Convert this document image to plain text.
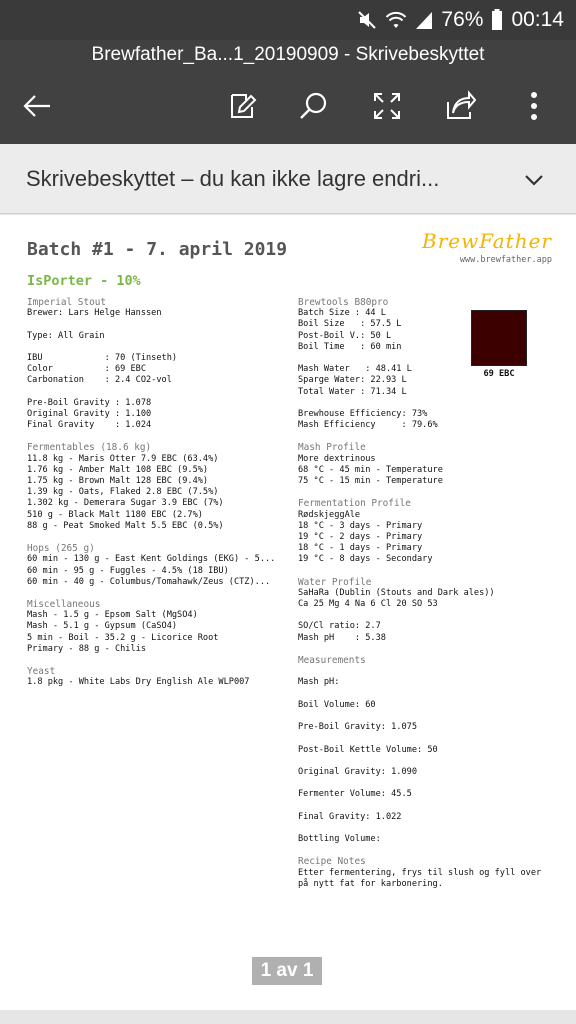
76% 00:14
Brewfather_Ba...1_20190909 - Skrivebeskyttet
Skrivebeskyttet – du kan ikke lagre endri...
Batch #1 - 7. april 2019	BrewFather
www.brewfather.app
IsPorter - 10%
Imperial Stout
Brewer: Lars Helge Hanssen
Type: All Grain
IBU            : 70 (Tinseth)
Color          : 69 EBC
Carbonation    : 2.4 CO2-vol
Pre-Boil Gravity : 1.078
Original Gravity : 1.100
Final Gravity    : 1.024
Fermentables (18.6 kg)
11.8 kg - Maris Otter 7.9 EBC (63.4%)
1.76 kg - Amber Malt 108 EBC (9.5%)
1.75 kg - Brown Malt 128 EBC (9.4%)
1.39 kg - Oats, Flaked 2.8 EBC (7.5%)
1.302 kg - Demerara Sugar 3.9 EBC (7%)
510 g - Black Malt 1180 EBC (2.7%)
88 g - Peat Smoked Malt 5.5 EBC (0.5%)
Hops (265 g)
60 min - 130 g - East Kent Goldings (EKG) - 5...
60 min - 95 g - Fuggles - 4.5% (18 IBU)
60 min - 40 g - Columbus/Tomahawk/Zeus (CTZ)...
Miscellaneous
Mash - 1.5 g - Epsom Salt (MgSO4)
Mash - 5.1 g - Gypsum (CaSO4)
5 min - Boil - 35.2 g - Licorice Root
Primary - 88 g - Chilis
Yeast
1.8 pkg - White Labs Dry English Ale WLP007
Brewtools B80pro
Batch Size : 44 L
Boil Size   : 57.5 L
Post-Boil V.: 50 L
Boil Time   : 60 min
Mash Water   : 48.41 L
Sparge Water: 22.93 L
Total Water : 71.34 L
Brewhouse Efficiency: 73%
Mash Efficiency     : 79.6%
Mash Profile
More dextrinous
68 °C - 45 min - Temperature
75 °C - 15 min - Temperature
Fermentation Profile
RødskjeggAle
18 °C - 3 days - Primary
19 °C - 2 days - Primary
18 °C - 1 days - Primary
19 °C - 8 days - Secondary
Water Profile
SaHaRa (Dublin (Stouts and Dark ales))
Ca 25 Mg 4 Na 6 Cl 20 SO 53
SO/Cl ratio: 2.7
Mash pH    : 5.38
Measurements
Mash pH:
Boil Volume: 60
Pre-Boil Gravity: 1.075
Post-Boil Kettle Volume: 50
Original Gravity: 1.090
Fermenter Volume: 45.5
Final Gravity: 1.022
Bottling Volume:
Recipe Notes
Etter fermentering, frys til slush og fyll over
på nytt fat for karbonering.
69 EBC
1 av 1
